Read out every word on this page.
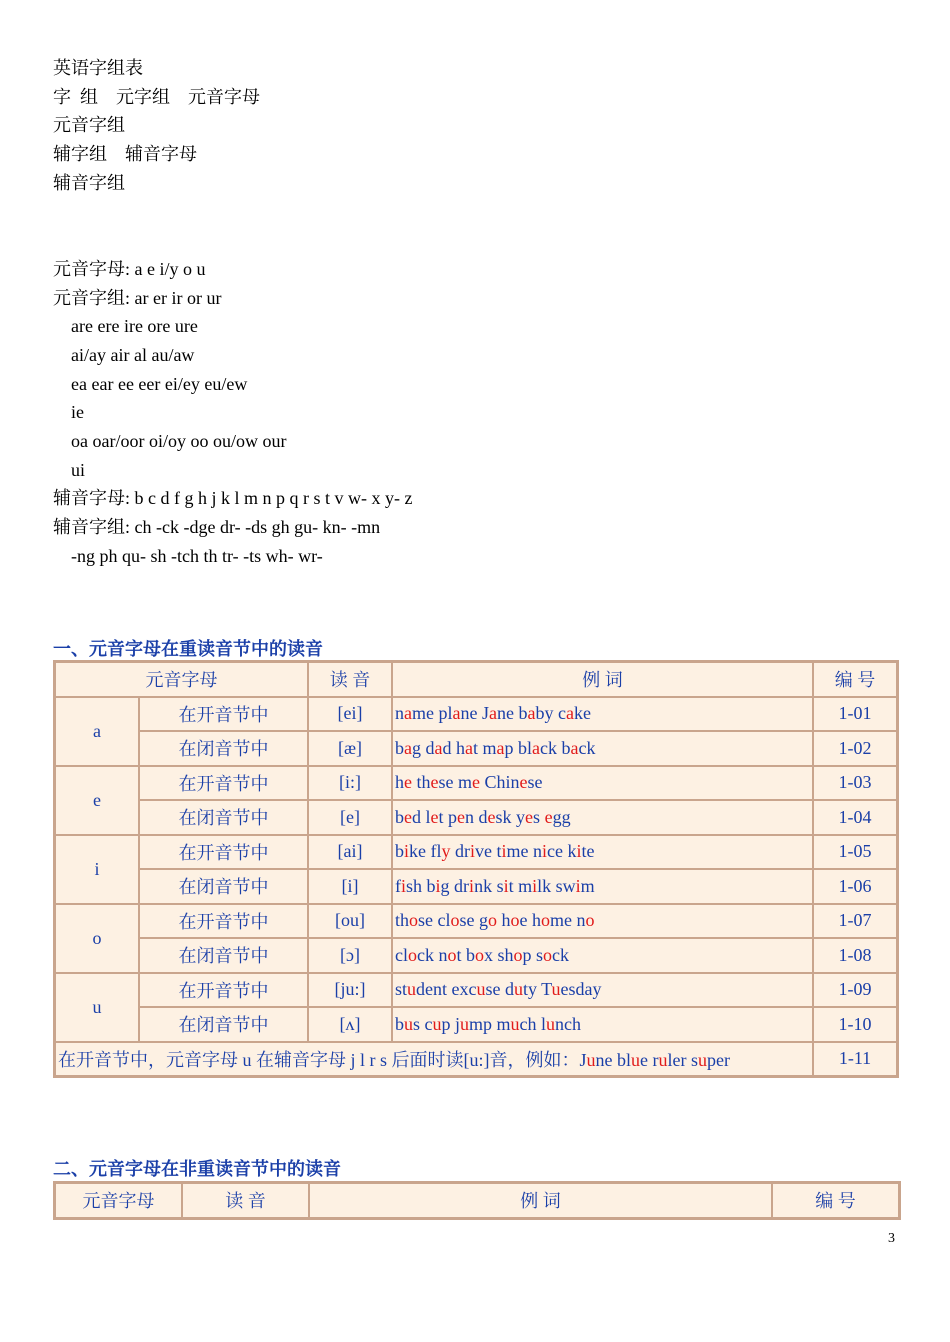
英语字组表
字  组    元字组    元音字母
元音字组
辅字组    辅音字母
辅音字组
元音字母: a e i/y o u
元音字组: ar er ir or ur
are ere ire ore ure
ai/ay air al au/aw
ea ear ee eer ei/ey eu/ew
ie
oa oar/oor oi/oy oo ou/ow our
ui
辅音字母: b c d f g h j k l m n p q r s t v w- x y- z
辅音字组: ch -ck -dge dr- -ds gh gu- kn- -mn
-ng ph qu- sh -tch th tr- -ts wh- wr-
一、元音字母在重读音节中的读音
元音字母		读 音	例 词	编 号
a	在开音节中	[ei]	name plane Jane baby cake	1-01
	在闭音节中	[æ]	bag dad hat map black back	1-02
e	在开音节中	[i:]	he these me Chinese	1-03
	在闭音节中	[e]	bed let pen desk yes egg	1-04
i	在开音节中	[ai]	bike fly drive time nice kite	1-05
	在闭音节中	[i]	fish big drink sit milk swim	1-06
o	在开音节中	[ou]	those close go hoe home no	1-07
	在闭音节中	[ɔ]	clock not box shop sock	1-08
u	在开音节中	[ju:]	student excuse duty Tuesday	1-09
	在闭音节中	[ʌ]	bus cup jump much lunch	1-10
在开音节中，元音字母 u 在辅音字母 j l r s 后面时读[u:]音，例如：June blue ruler super				1-11
二、元音字母在非重读音节中的读音
元音字母	读 音	例 词	编 号
3
